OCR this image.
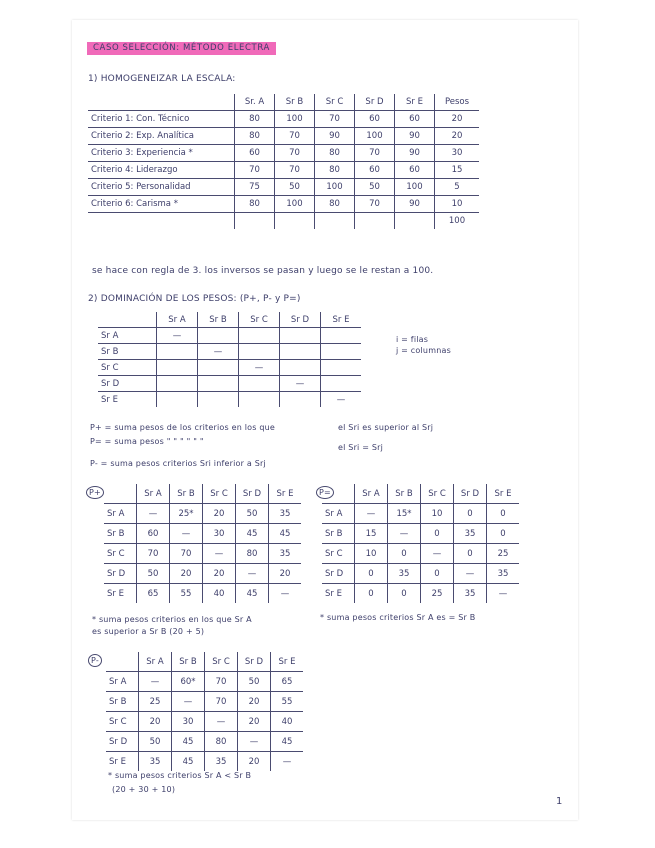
CASO SELECCIÓN: MÉTODO ELECTRA
1) HOMOGENEIZAR LA ESCALA:
	Sr. A	Sr B	Sr C	Sr D	Sr E	Pesos
Criterio 1: Con. Técnico	80	100	70	60	60	20
Criterio 2: Exp. Analítica	80	70	90	100	90	20
Criterio 3: Experiencia *	60	70	80	70	90	30
Criterio 4: Liderazgo	70	70	80	60	60	15
Criterio 5: Personalidad	75	50	100	50	100	5
Criterio 6: Carisma *	80	100	80	70	90	10
						100
se hace con regla de 3. los inversos se pasan y luego se le restan a 100.
2) DOMINACIÓN DE LOS PESOS: (P+, P- y P=)
	Sr A	Sr B	Sr C	Sr D	Sr E
Sr A	—				
Sr B		—			
Sr C			—		
Sr D				—	
Sr E					—
i = filas
j = columnas
P+ = suma pesos de los criterios en los que	el Sri es superior al Srj
P= = suma pesos " " " " " "
el Sri = Srj
P- = suma pesos criterios Sri inferior a Srj
P+
		Sr A	Sr B	Sr C	Sr D	Sr E
Sr A	—	25*	20	50	35
Sr B	60	—	30	45	45
Sr C	70	70	—	80	35
Sr D	50	20	20	—	20
Sr E	65	55	40	45	—
* suma pesos criterios en los que Sr A
es superior a Sr B (20 + 5)
P=
		Sr A	Sr B	Sr C	Sr D	Sr E
Sr A	—	15*	10	0	0
Sr B	15	—	0	35	0
Sr C	10	0	—	0	25
Sr D	0	35	0	—	35
Sr E	0	0	25	35	—
* suma pesos criterios Sr A es = Sr B
P-
		Sr A	Sr B	Sr C	Sr D	Sr E
Sr A	—	60*	70	50	65
Sr B	25	—	70	20	55
Sr C	20	30	—	20	40
Sr D	50	45	80	—	45
Sr E	35	45	35	20	—
* suma pesos criterios Sr A < Sr B
(20 + 30 + 10)
1
